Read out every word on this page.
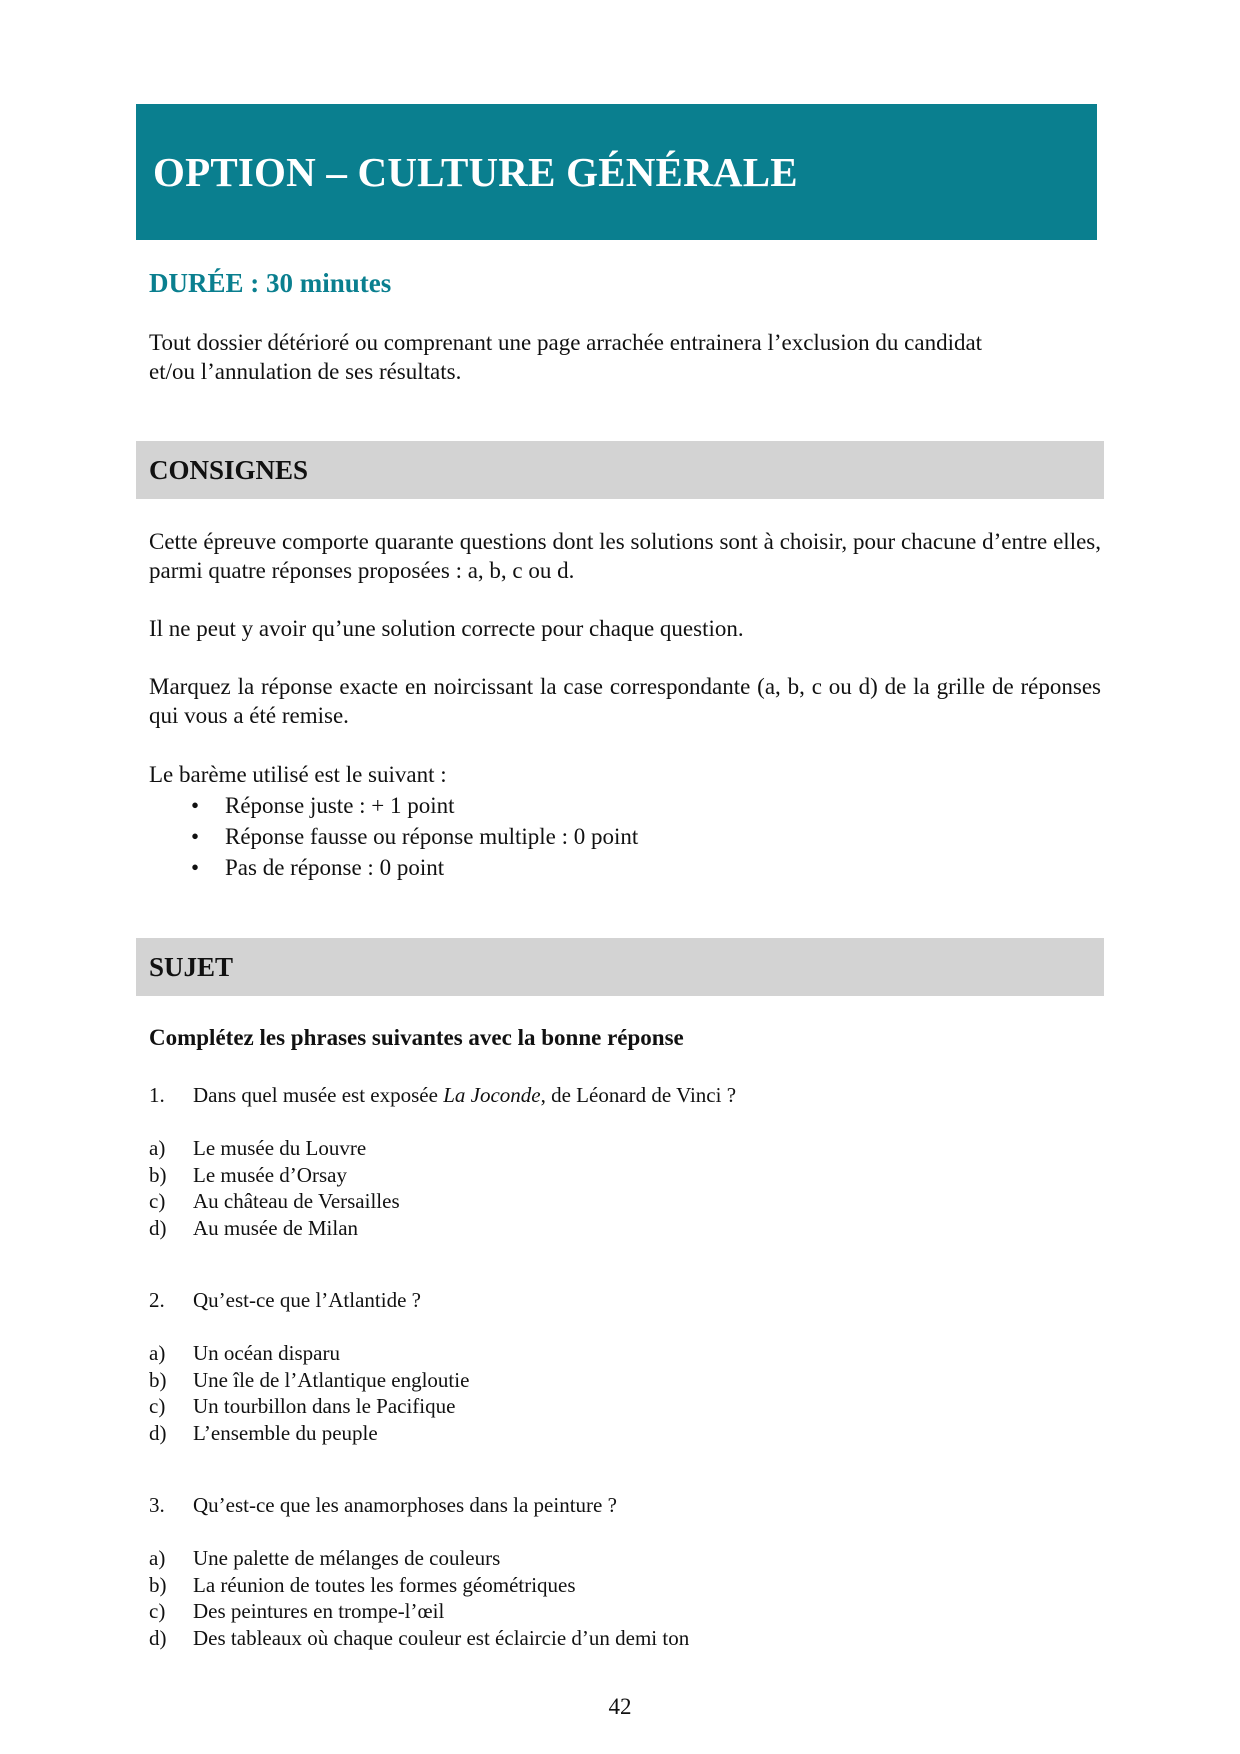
OPTION – CULTURE GÉNÉRALE
DURÉE : 30 minutes

Tout dossier détérioré ou comprenant une page arrachée entrainera l’exclusion du candidat

et/ou l’annulation de ses résultats.

CONSIGNES

Cette épreuve comporte quarante questions dont les solutions sont à choisir, pour chacune d’entre elles, parmi quatre réponses proposées : a, b, c ou d.

Il ne peut y avoir qu’une solution correcte pour chaque question.

Marquez la réponse exacte en noircissant la case correspondante (a, b, c ou d) de la grille de réponses qui vous a été remise.

Le barème utilisé est le suivant :

• Réponse juste : + 1 point
• Réponse fausse ou réponse multiple : 0 point
• Pas de réponse : 0 point
SUJET

Complétez les phrases suivantes avec la bonne réponse

1. Dans quel musée est exposée La Joconde, de Léonard de Vinci ?

a) Le musée du Louvre
b) Le musée d’Orsay
c) Au château de Versailles
d) Au musée de Milan

2. Qu’est-ce que l’Atlantide ?

a) Un océan disparu
b) Une île de l’Atlantique engloutie
c) Un tourbillon dans le Pacifique
d) L’ensemble du peuple

3. Qu’est-ce que les anamorphoses dans la peinture ?

a) Une palette de mélanges de couleurs
b) La réunion de toutes les formes géométriques
c) Des peintures en trompe-l’œil
d) Des tableaux où chaque couleur est éclaircie d’un demi ton
42
